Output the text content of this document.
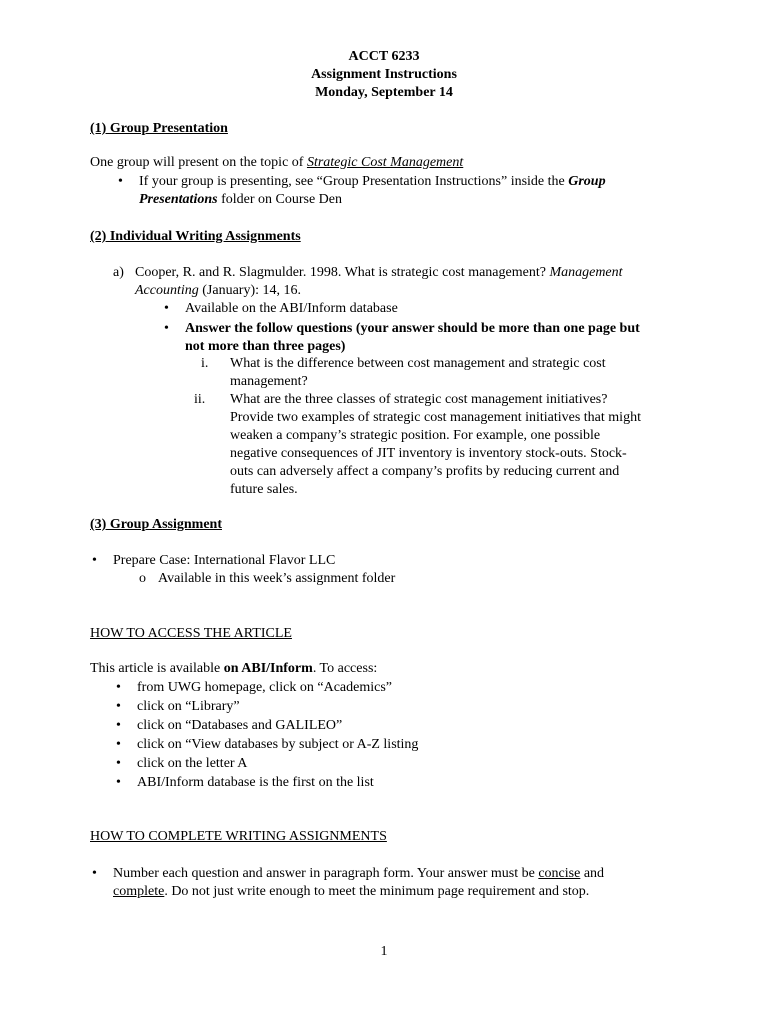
ACCT 6233
Assignment Instructions
Monday, September 14
(1) Group Presentation
One group will present on the topic of Strategic Cost Management
• If your group is presenting, see “Group Presentation Instructions” inside the Group
Presentations folder on Course Den
(2) Individual Writing Assignments
a) Cooper, R. and R. Slagmulder. 1998. What is strategic cost management? Management
Accounting (January): 14, 16.
• Available on the ABI/Inform database
• Answer the follow questions (your answer should be more than one page but
not more than three pages)
i. What is the difference between cost management and strategic cost
management?
ii. What are the three classes of strategic cost management initiatives?
Provide two examples of strategic cost management initiatives that might
weaken a company’s strategic position. For example, one possible
negative consequences of JIT inventory is inventory stock-outs. Stock-
outs can adversely affect a company’s profits by reducing current and
future sales.
(3) Group Assignment
• Prepare Case: International Flavor LLC
o Available in this week’s assignment folder
HOW TO ACCESS THE ARTICLE
This article is available on ABI/Inform. To access:
• from UWG homepage, click on “Academics”
• click on “Library”
• click on “Databases and GALILEO”
• click on “View databases by subject or A-Z listing
• click on the letter A
• ABI/Inform database is the first on the list
HOW TO COMPLETE WRITING ASSIGNMENTS
• Number each question and answer in paragraph form. Your answer must be concise and
complete. Do not just write enough to meet the minimum page requirement and stop.
1
